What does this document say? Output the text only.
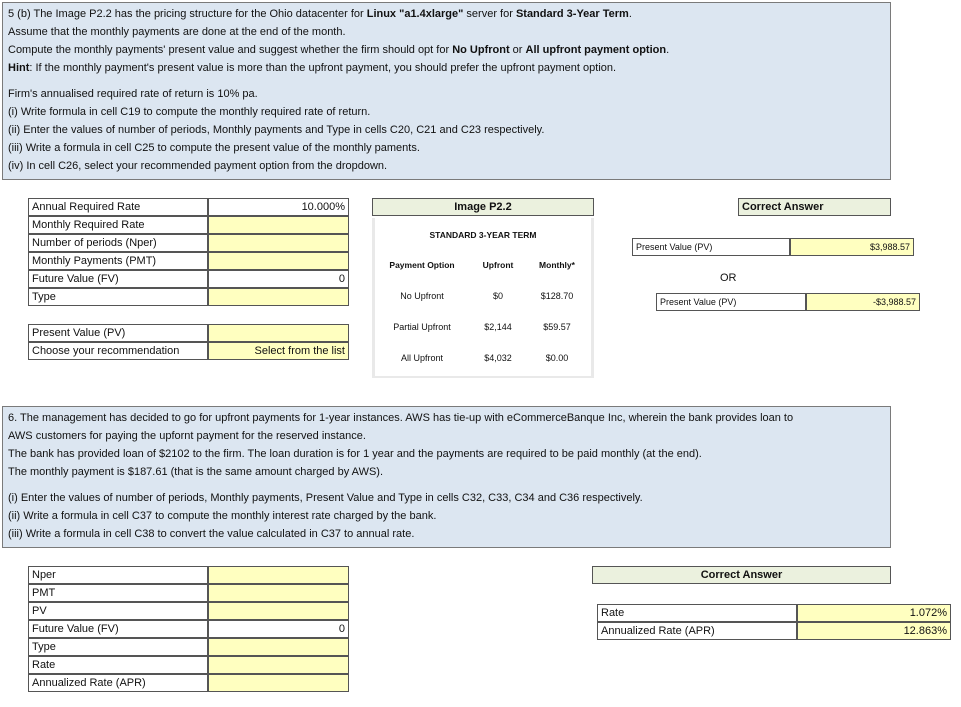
5 (b) The Image P2.2 has the pricing structure for the Ohio datacenter for Linux "a1.4xlarge" server for Standard 3-Year Term.

Assume that the monthly payments are done at the end of the month.

Compute the monthly payments' present value and suggest whether the firm should opt for No Upfront or All upfront payment option.

Hint: If the monthly payment's present value is more than the upfront payment, you should prefer the upfront payment option.

Firm's annualised required rate of return is 10% pa.

(i) Write formula in cell C19 to compute the monthly required rate of return.

(ii) Enter the values of number of periods, Monthly payments and Type in cells C20, C21 and C23 respectively.

(iii) Write a formula in cell C25 to compute the present value of the monthly paments.

(iv) In cell C26, select your recommended payment option from the dropdown.

Annual Required Rate	10.000%
Monthly Required Rate
Number of periods (Nper)
Monthly Payments (PMT)
Future Value (FV)	0
Type
Present Value (PV)
Choose your recommendation	Select from the list
Image P2.2
STANDARD 3-YEAR TERM
Payment Option	Upfront	Monthly*
No Upfront	$0	$128.70
Partial Upfront	$2,144	$59.57
All Upfront	$4,032	$0.00
Correct Answer
Present Value (PV)	$3,988.57
OR
Present Value (PV)	-$3,988.57

6. The management has decided to go for upfront payments for 1-year instances. AWS has tie-up with eCommerceBanque Inc, wherein the bank provides loan to

AWS customers for paying the upfornt payment for the reserved instance.

The bank has provided loan of $2102 to the firm. The loan duration is for 1 year and the payments are required to be paid monthly (at the end).

The monthly payment is $187.61 (that is the same amount charged by AWS).

(i) Enter the values of number of periods, Monthly payments, Present Value and Type in cells C32, C33, C34 and C36 respectively.

(ii) Write a formula in cell C37 to compute the monthly interest rate charged by the bank.

(iii) Write a formula in cell C38 to convert the value calculated in C37 to annual rate.

Nper
PMT
PV
Future Value (FV)	0
Type
Rate
Annualized Rate (APR)
Correct Answer
Rate	1.072%
Annualized Rate (APR)	12.863%
